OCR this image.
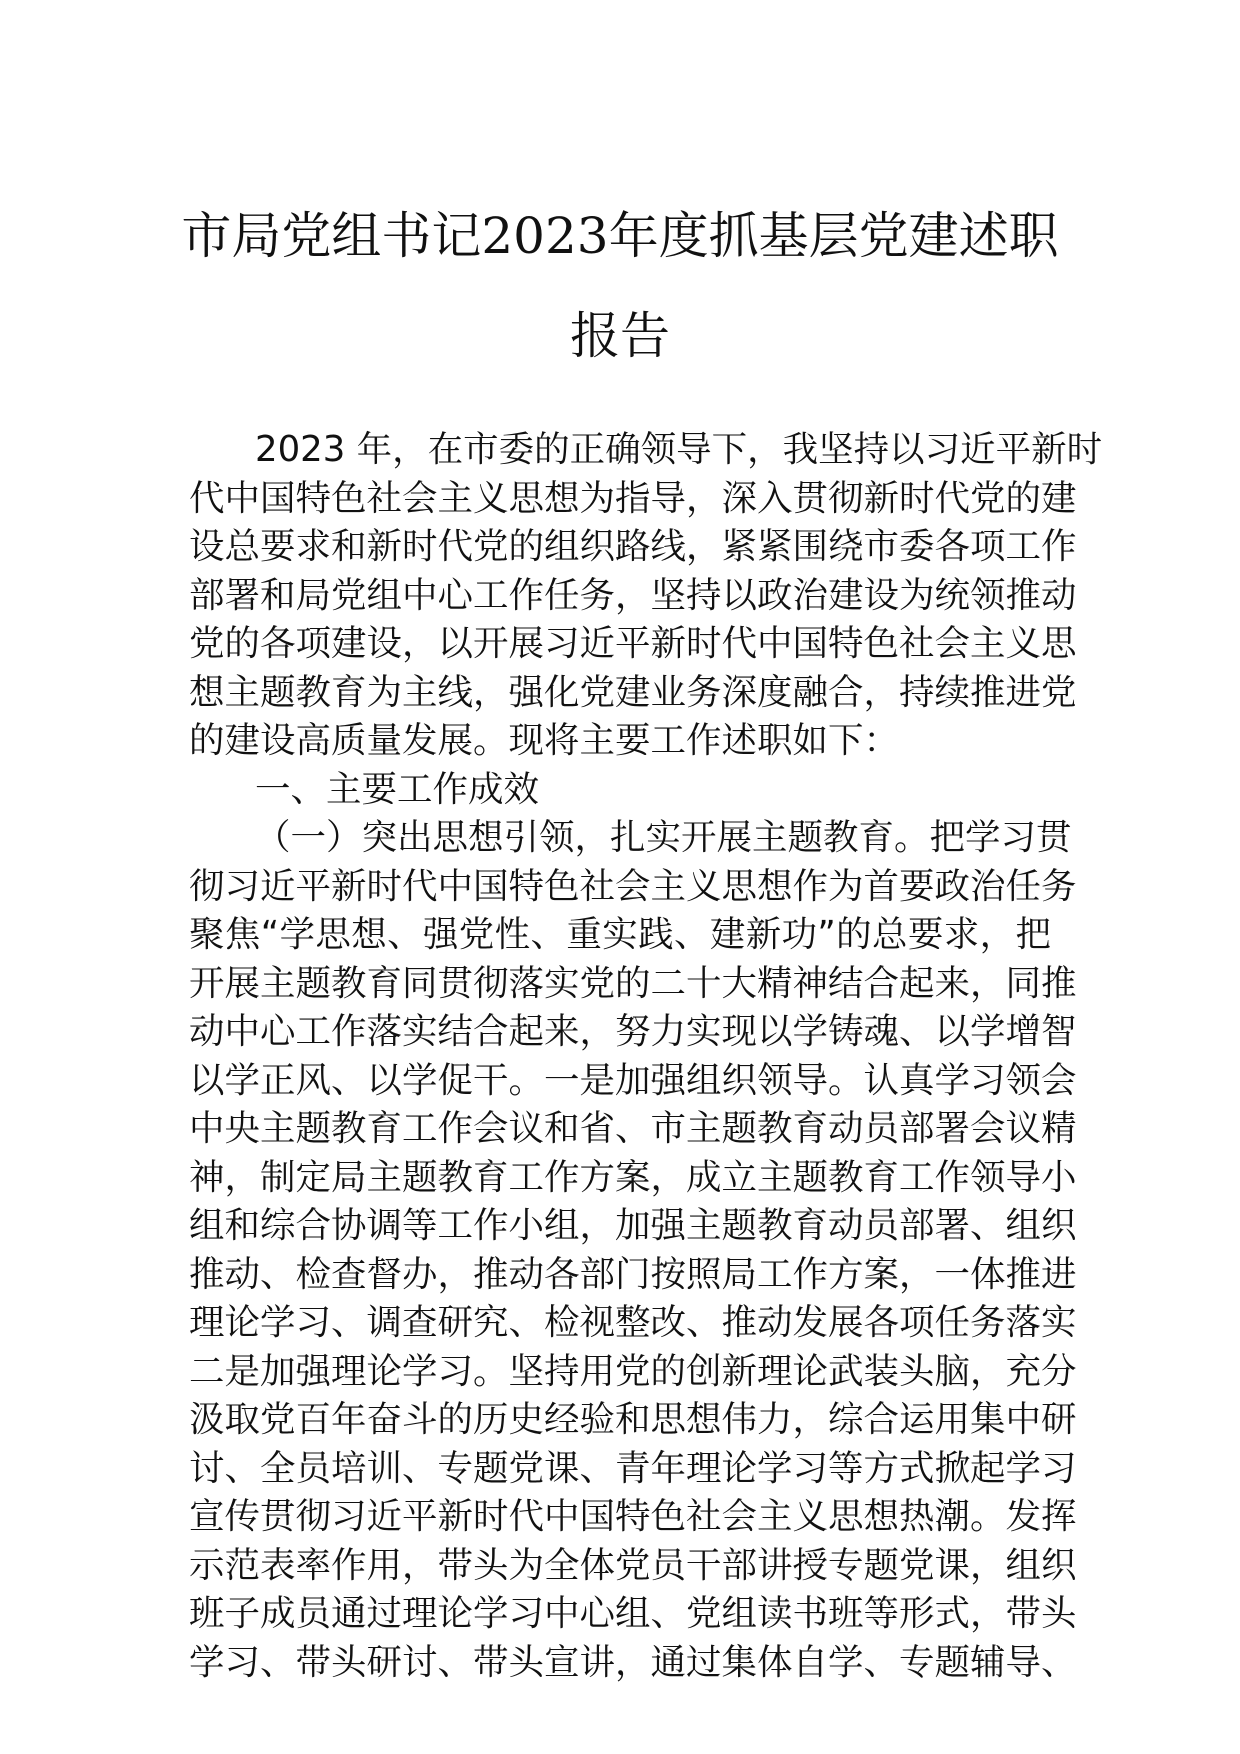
市局党组书记2023年度抓基层党建述职报告
2023 年，在市委的正确领导下，我坚持以习近平新时
代中国特色社会主义思想为指导，深入贯彻新时代党的建
设总要求和新时代党的组织路线，紧紧围绕市委各项工作
部署和局党组中心工作任务，坚持以政治建设为统领推动
党的各项建设，以开展习近平新时代中国特色社会主义思
想主题教育为主线，强化党建业务深度融合，持续推进党
的建设高质量发展。现将主要工作述职如下：
一、主要工作成效
（一）突出思想引领，扎实开展主题教育。把学习贯
彻习近平新时代中国特色社会主义思想作为首要政治任务
聚焦“学思想、强党性、重实践、建新功”的总要求，把
开展主题教育同贯彻落实党的二十大精神结合起来，同推
动中心工作落实结合起来，努力实现以学铸魂、以学增智
以学正风、以学促干。一是加强组织领导。认真学习领会
中央主题教育工作会议和省、市主题教育动员部署会议精
神，制定局主题教育工作方案，成立主题教育工作领导小
组和综合协调等工作小组，加强主题教育动员部署、组织
推动、检查督办，推动各部门按照局工作方案，一体推进
理论学习、调查研究、检视整改、推动发展各项任务落实
二是加强理论学习。坚持用党的创新理论武装头脑，充分
汲取党百年奋斗的历史经验和思想伟力，综合运用集中研
讨、全员培训、专题党课、青年理论学习等方式掀起学习
宣传贯彻习近平新时代中国特色社会主义思想热潮。发挥
示范表率作用，带头为全体党员干部讲授专题党课，组织
班子成员通过理论学习中心组、党组读书班等形式，带头
学习、带头研讨、带头宣讲，通过集体自学、专题辅导、
